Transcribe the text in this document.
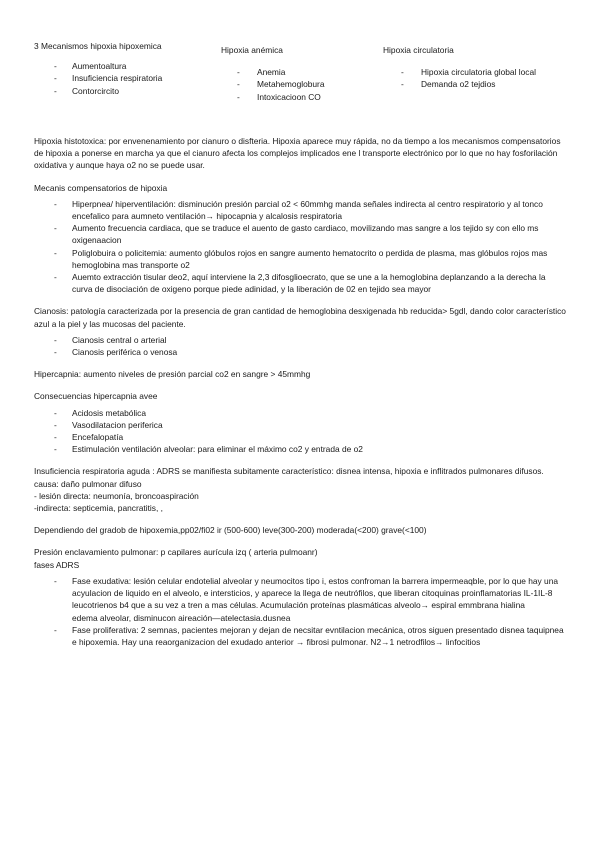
3 Mecanismos hipoxia hipoxemica

- Aumentoaltura
- Insuficiencia respiratoria
- Contorcircito

Hipoxia anémica

- Anemia
- Metahemoglobura
- Intoxicacioon CO

Hipoxia circulatoria

- Hipoxia circulatoria global local
- Demanda o2 tejdios

Hipoxia histotoxica: por envenenamiento por cianuro o disfteria. Hipoxia aparece muy rápida, no da tiempo a los mecanismos compensatorios de hipoxia a ponerse en marcha ya que el cianuro afecta los complejos implicados ene l transporte electrónico por lo que no hay fosforilación oxidativa y aunque haya o2 no se puede usar.

Mecanis compensatorios de hipoxia

- Hiperpnea/ hiperventilación: disminución presión parcial o2 < 60mmhg manda señales indirecta al centro respiratorio y al tonco encefalico para aumneto ventilación→ hipocapnia y alcalosis respiratoria
- Aumento frecuencia cardiaca, que se traduce el auento de gasto cardiaco, movilizando mas sangre a los tejido sy con ello ms oxigenaacion
- Poliglobuira o policitemia: aumento glóbulos rojos en sangre aumento hematocrito o perdida de plasma, mas glóbulos rojos mas hemoglobina mas transporte o2
- Auemto extracción tisular deo2, aquí interviene la 2,3 difosglioecrato, que se une a la hemoglobina deplanzando a la derecha la curva de disociación de oxigeno porque piede adinidad, y la liberación de 02 en tejido sea mayor

Cianosis: patología caracterizada por la presencia de gran cantidad de hemoglobina desxigenada hb reducida> 5gdl, dando color característico azul a la piel y las mucosas del paciente.

- Cianosis central o arterial
- Cianosis periférica o venosa

Hipercapnia: aumento niveles de presión parcial co2 en sangre > 45mmhg

Consecuencias hipercapnia avee

- Acidosis metabólica
- Vasodilatacion periferica
- Encefalopatía
- Estimulación ventilación alveolar: para eliminar el máximo co2 y entrada de o2

Insuficiencia respiratoria aguda : ADRS se manifiesta subitamente característico: disnea intensa, hipoxia e inflitrados pulmonares difusos.

causa: daño pulmonar difuso

- lesión directa: neumonía, broncoaspiración

-indirecta: septicemia, pancratitis, ,

Dependiendo del gradob de hipoxemia,pp02/fi02 ir (500-600) leve(300-200) moderada(<200) grave(<100)

Presión enclavamiento pulmonar: p capilares aurícula izq ( arteria pulmoanr)

fases ADRS

- Fase exudativa: lesión celular endotelial alveolar y neumocitos tipo i, estos confroman la barrera impermeaqble, por lo que hay una acyulacion de liquido en el alveolo, e intersticios, y aparece la llega de neutrófilos, que liberan citoquinas proinflamatorias IL-1IL-8 leucotrienos b4 que a su vez a tren a mas células. Acumulación proteínas plasmáticas alveolo→ espiral emmbrana hialina
edema alveolar, disminucon aireación—atelectasia.dusnea
- Fase proliferativa: 2 semnas, pacientes mejoran y dejan de necsitar evntilacion mecánica, otros siguen presentado disnea taquipnea e hipoxemia. Hay una reaorganizacion del exudado anterior → fibrosi pulmonar. N2→1 netrodfilos→ linfocitios
